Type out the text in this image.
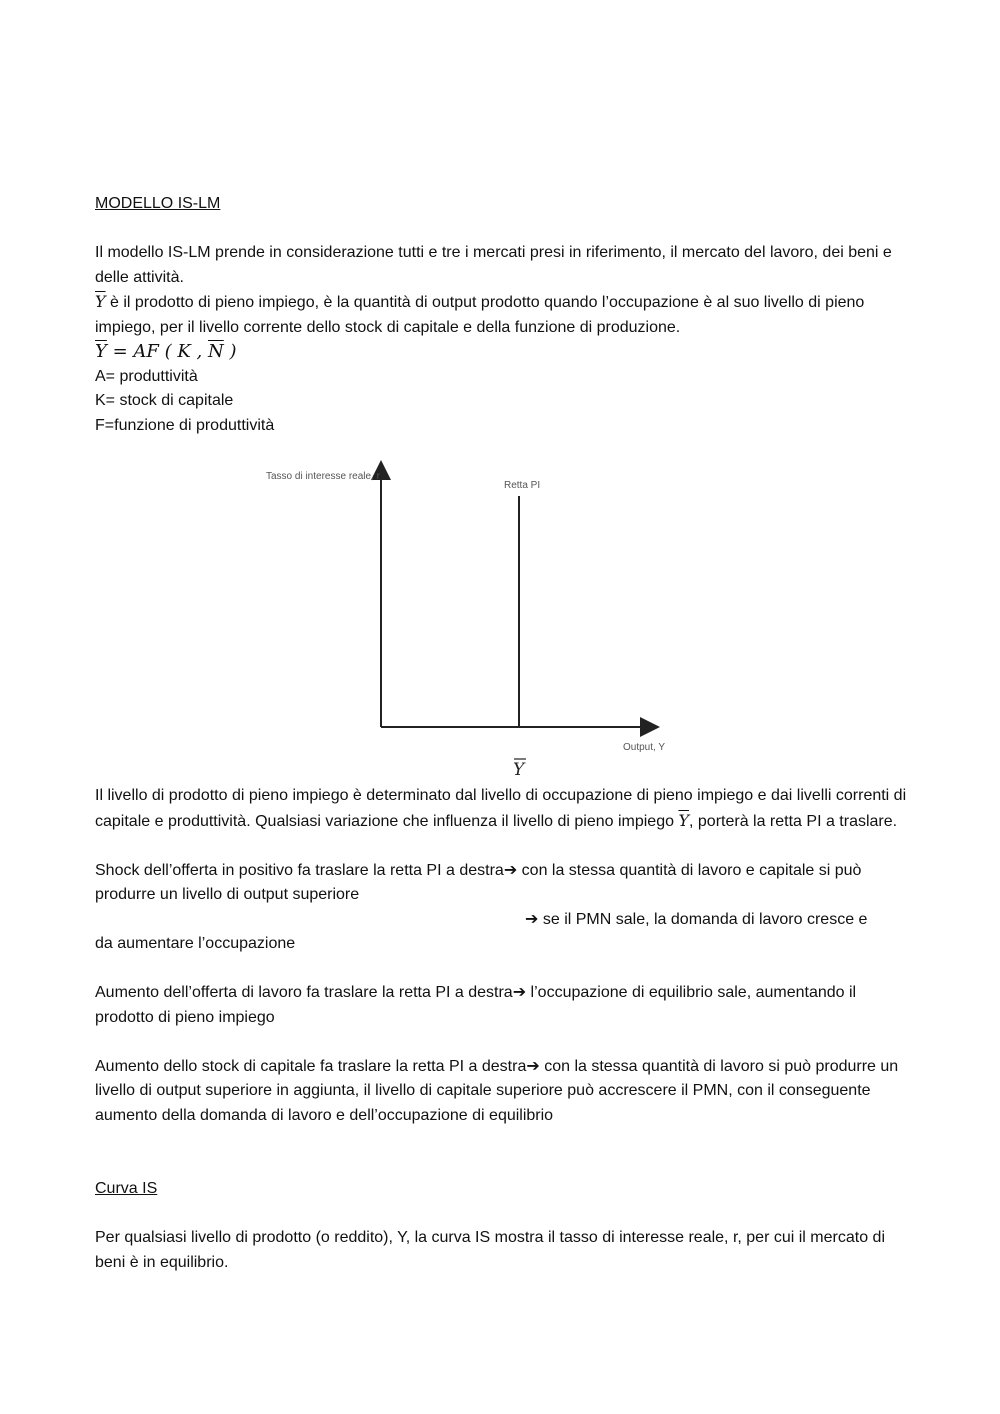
MODELLO IS-LM

Il modello IS-LM prende in considerazione tutti e tre i mercati presi in riferimento, il mercato del lavoro, dei beni e delle attività.

$\overline{Y}$ è il prodotto di pieno impiego, è la quantità di output prodotto quando l’occupazione è al suo livello di pieno impiego, per il livello corrente dello stock di capitale e della funzione di produzione.

$\overline{Y}$ = AF ( K , $\overline{N}$ )

A= produttività

K= stock di capitale

F=funzione di produttività

Tasso di interesse reale, r
Retta PI
Output, Y
Y

Il livello di prodotto di pieno impiego è determinato dal livello di occupazione di pieno impiego e dai livelli correnti di capitale e produttività. Qualsiasi variazione che influenza il livello di pieno impiego $\overline{Y}$, porterà la retta PI a traslare.

Shock dell’offerta in positivo fa traslare la retta PI a destra➔ con la stessa quantità di lavoro e capitale si può produrre un livello di output superiore

➔ se il PMN sale, la domanda di lavoro cresce e

da aumentare l’occupazione

Aumento dell’offerta di lavoro fa traslare la retta PI a destra➔ l’occupazione di equilibrio sale, aumentando il prodotto di pieno impiego

Aumento dello stock di capitale fa traslare la retta PI a destra➔ con la stessa quantità di lavoro si può produrre un livello di output superiore in aggiunta, il livello di capitale superiore può accrescere il PMN, con il conseguente aumento della domanda di lavoro e dell’occupazione di equilibrio

Curva IS

Per qualsiasi livello di prodotto (o reddito), Y, la curva IS mostra il tasso di interesse reale, r, per cui il mercato di beni è in equilibrio.
